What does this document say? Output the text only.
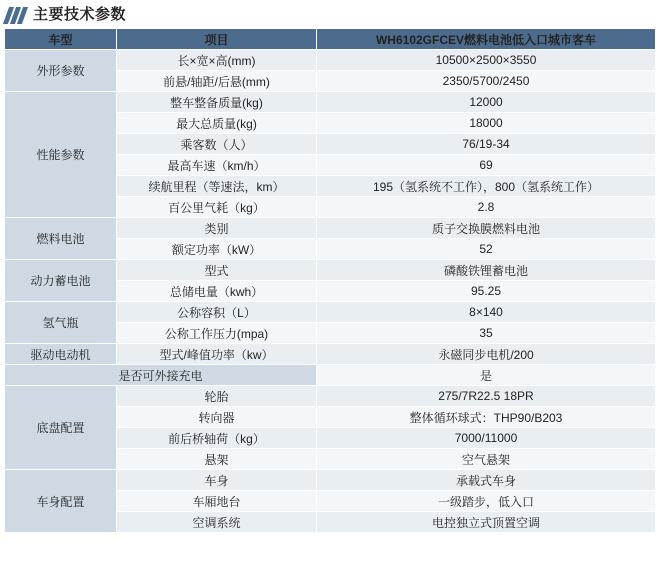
主要技术参数
车型	项目	WH6102GFCEV燃料电池低入口城市客车
外形参数	长×宽×高(mm)	10500×2500×3550
	前悬/轴距/后悬(mm)	2350/5700/2450
性能参数	整车整备质量(kg)	12000
	最大总质量(kg)	18000
	乘客数（人）	76/19-34
	最高车速（km/h）	69
	续航里程（等速法，km）	195（氢系统不工作），800（氢系统工作）
	百公里气耗（kg）	2.8
燃料电池	类别	质子交换膜燃料电池
	额定功率（kW）	52
动力蓄电池	型式	磷酸铁锂蓄电池
	总储电量（kwh）	95.25
氢气瓶	公称容积（L）	8×140
	公称工作压力(mpa)	35
驱动电动机	型式/峰值功率（kw）	永磁同步电机/200
是否可外接充电		是
底盘配置	轮胎	275/7R22.5 18PR
	转向器	整体循环球式：THP90/B203
	前后桥轴荷（kg）	7000/11000
	悬架	空气悬架
车身配置	车身	承载式车身
	车厢地台	一级踏步，低入口
	空调系统	电控独立式顶置空调
